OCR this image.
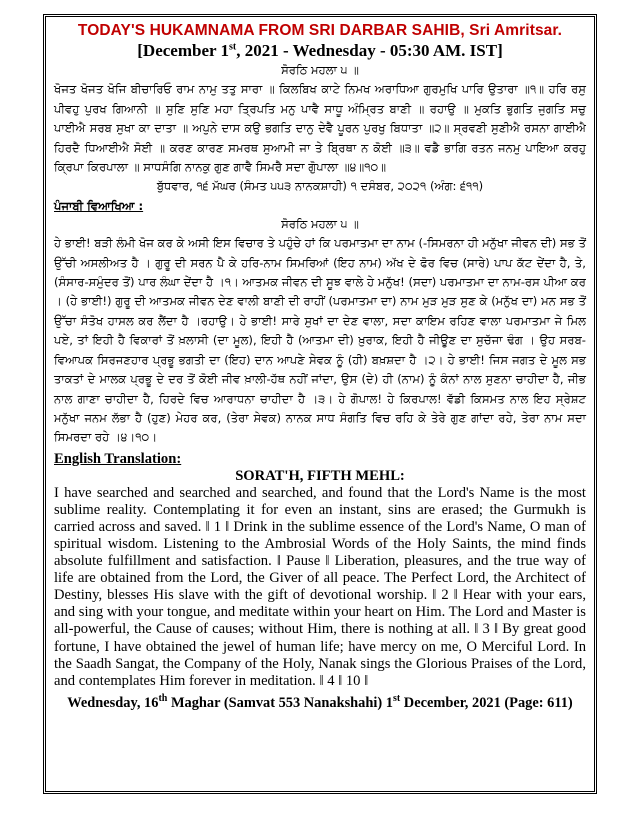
TODAY'S HUKAMNAMA FROM SRI DARBAR SAHIB, Sri Amritsar.
[December 1st, 2021 - Wednesday - 05:30 AM. IST]
ਸੋਰਠਿ ਮਹਲਾ ੫ ॥
ਖੋਜਤ ਖੋਜਤ ਖੋਜਿ ਬੀਚਾਰਿਓ ਰਾਮ ਨਾਮੁ ਤਤੁ ਸਾਰਾ ॥ ਕਿਲਬਿਖ ਕਾਟੇ ਨਿਮਖ ਅਰਾਧਿਆ ਗੁਰਮੁਖਿ ਪਾਰਿ ਉਤਾਰਾ ॥੧॥ ਹਰਿ ਰਸੁ ਪੀਵਹੁ ਪੁਰਖ ਗਿਆਨੀ ॥ ਸੁਣਿ ਸੁਣਿ ਮਹਾ ਤ੍ਰਿਪਤਿ ਮਨੁ ਪਾਵੈ ਸਾਧੂ ਅੰਮ੍ਰਿਤ ਬਾਣੀ ॥ ਰਹਾਉ ॥ ਮੁਕਤਿ ਭੁਗਤਿ ਜੁਗਤਿ ਸਚੁ ਪਾਈਐ ਸਰਬ ਸੁਖਾ ਕਾ ਦਾਤਾ ॥ ਅਪੁਨੇ ਦਾਸ ਕਉ ਭਗਤਿ ਦਾਨੁ ਦੇਵੈ ਪੂਰਨ ਪੁਰਖੁ ਬਿਧਾਤਾ ॥੨॥ ਸ੍ਰਵਣੀ ਸੁਣੀਐ ਰਸਨਾ ਗਾਈਐ ਹਿਰਦੈ ਧਿਆਈਐ ਸੋਈ ॥ ਕਰਣ ਕਾਰਣ ਸਮਰਥ ਸੁਆਮੀ ਜਾ ਤੇ ਬ੍ਰਿਥਾ ਨ ਕੋਈ ॥੩॥ ਵਡੈ ਭਾਗਿ ਰਤਨ ਜਨਮੁ ਪਾਇਆ ਕਰਹੁ ਕ੍ਰਿਪਾ ਕਿਰਪਾਲਾ ॥ ਸਾਧਸੰਗਿ ਨਾਨਕੁ ਗੁਣ ਗਾਵੈ ਸਿਮਰੈ ਸਦਾ ਗੋੁਪਾਲਾ ॥੪॥੧੦॥
ਬੁੱਧਵਾਰ, ੧੬ ਮੱਘਰ (ਸੰਮਤ ੫੫੩ ਨਾਨਕਸ਼ਾਹੀ) ੧ ਦਸੰਬਰ, ੨੦੨੧ (ਅੰਗ: ੬੧੧)
ਪੰਜਾਬੀ ਵਿਆਖਿਆ :
ਸੋਰਠਿ ਮਹਲਾ ੫ ॥
ਹੇ ਭਾਈ! ਬੜੀ ਲੰਮੀ ਖੋਜ ਕਰ ਕੇ ਅਸੀ ਇਸ ਵਿਚਾਰ ਤੇ ਪਹੁੰਚੇ ਹਾਂ ਕਿ ਪਰਮਾਤਮਾ ਦਾ ਨਾਮ (-ਸਿਮਰਨਾ ਹੀ ਮਨੁੱਖਾ ਜੀਵਨ ਦੀ) ਸਭ ਤੋਂ ਉੱਚੀ ਅਸਲੀਅਤ ਹੈ । ਗੁਰੂ ਦੀ ਸਰਨ ਪੈ ਕੇ ਹਰਿ-ਨਾਮ ਸਿਮਰਿਆਂ (ਇਹ ਨਾਮ) ਅੱਖ ਦੇ ਫੋਰ ਵਿਚ (ਸਾਰੇ) ਪਾਪ ਕੱਟ ਦੇਂਦਾ ਹੈ, ਤੇ, (ਸੰਸਾਰ-ਸਮੁੰਦਰ ਤੋਂ) ਪਾਰ ਲੰਘਾ ਦੇਂਦਾ ਹੈ ।੧। ਆਤਮਕ ਜੀਵਨ ਦੀ ਸੂਝ ਵਾਲੇ ਹੇ ਮਨੁੱਖ! (ਸਦਾ) ਪਰਮਾਤਮਾ ਦਾ ਨਾਮ-ਰਸ ਪੀਆ ਕਰ । (ਹੇ ਭਾਈ!) ਗੁਰੂ ਦੀ ਆਤਮਕ ਜੀਵਨ ਦੇਣ ਵਾਲੀ ਬਾਣੀ ਦੀ ਰਾਹੀਂ (ਪਰਮਾਤਮਾ ਦਾ) ਨਾਮ ਮੁੜ ਮੁੜ ਸੁਣ ਕੇ (ਮਨੁੱਖ ਦਾ) ਮਨ ਸਭ ਤੋਂ ਉੱਚਾ ਸੰਤੋਖ ਹਾਸਲ ਕਰ ਲੈਂਦਾ ਹੈ ।ਰਹਾਉ। ਹੇ ਭਾਈ! ਸਾਰੇ ਸੁਖਾਂ ਦਾ ਦੇਣ ਵਾਲਾ, ਸਦਾ ਕਾਇਮ ਰਹਿਣ ਵਾਲਾ ਪਰਮਾਤਮਾ ਜੇ ਮਿਲ ਪਏ, ਤਾਂ ਇਹੀ ਹੈ ਵਿਕਾਰਾਂ ਤੋਂ ਖ਼ਲਾਸੀ (ਦਾ ਮੂਲ), ਇਹੀ ਹੈ (ਆਤਮਾ ਦੀ) ਖ਼ੁਰਾਕ, ਇਹੀ ਹੈ ਜੀਊਣ ਦਾ ਸੁਚੱਜਾ ਢੰਗ । ਉਹ ਸਰਬ-ਵਿਆਪਕ ਸਿਰਜਣਹਾਰ ਪ੍ਰਭੂ ਭਗਤੀ ਦਾ (ਇਹ) ਦਾਨ ਆਪਣੇ ਸੇਵਕ ਨੂੰ (ਹੀ) ਬਖ਼ਸ਼ਦਾ ਹੈ ।੨। ਹੇ ਭਾਈ! ਜਿਸ ਜਗਤ ਦੇ ਮੂਲ ਸਭ ਤਾਕਤਾਂ ਦੇ ਮਾਲਕ ਪ੍ਰਭੂ ਦੇ ਦਰ ਤੋਂ ਕੋਈ ਜੀਵ ਖ਼ਾਲੀ-ਹੱਥ ਨਹੀਂ ਜਾਂਦਾ, ਉਸ (ਦੇ) ਹੀ (ਨਾਮ) ਨੂੰ ਕੰਨਾਂ ਨਾਲ ਸੁਣਨਾ ਚਾਹੀਦਾ ਹੈ, ਜੀਭ ਨਾਲ ਗਾਣਾ ਚਾਹੀਦਾ ਹੈ, ਹਿਰਦੇ ਵਿਚ ਆਰਾਧਨਾ ਚਾਹੀਦਾ ਹੈ ।੩। ਹੇ ਗੋਪਾਲ! ਹੇ ਕਿਰਪਾਲ! ਵੱਡੀ ਕਿਸਮਤ ਨਾਲ ਇਹ ਸ੍ਰੇਸ਼ਟ ਮਨੁੱਖਾ ਜਨਮ ਲੱਭਾ ਹੈ (ਹੁਣ) ਮੇਹਰ ਕਰ, (ਤੇਰਾ ਸੇਵਕ) ਨਾਨਕ ਸਾਧ ਸੰਗਤਿ ਵਿਚ ਰਹਿ ਕੇ ਤੇਰੇ ਗੁਣ ਗਾਂਦਾ ਰਹੇ, ਤੇਰਾ ਨਾਮ ਸਦਾ ਸਿਮਰਦਾ ਰਹੇ ।੪।੧੦।
English Translation:
SORAT'H, FIFTH MEHL:
I have searched and searched and searched, and found that the Lord's Name is the most sublime reality. Contemplating it for even an instant, sins are erased; the Gurmukh is carried across and saved. ‖ 1 ‖ Drink in the sublime essence of the Lord's Name, O man of spiritual wisdom. Listening to the Ambrosial Words of the Holy Saints, the mind finds absolute fulfillment and satisfaction. ‖ Pause ‖ Liberation, pleasures, and the true way of life are obtained from the Lord, the Giver of all peace. The Perfect Lord, the Architect of Destiny, blesses His slave with the gift of devotional worship. ‖ 2 ‖ Hear with your ears, and sing with your tongue, and meditate within your heart on Him. The Lord and Master is all-powerful, the Cause of causes; without Him, there is nothing at all. ‖ 3 ‖ By great good fortune, I have obtained the jewel of human life; have mercy on me, O Merciful Lord. In the Saadh Sangat, the Company of the Holy, Nanak sings the Glorious Praises of the Lord, and contemplates Him forever in meditation. ‖ 4 ‖ 10 ‖
Wednesday, 16th Maghar (Samvat 553 Nanakshahi) 1st December, 2021 (Page: 611)
